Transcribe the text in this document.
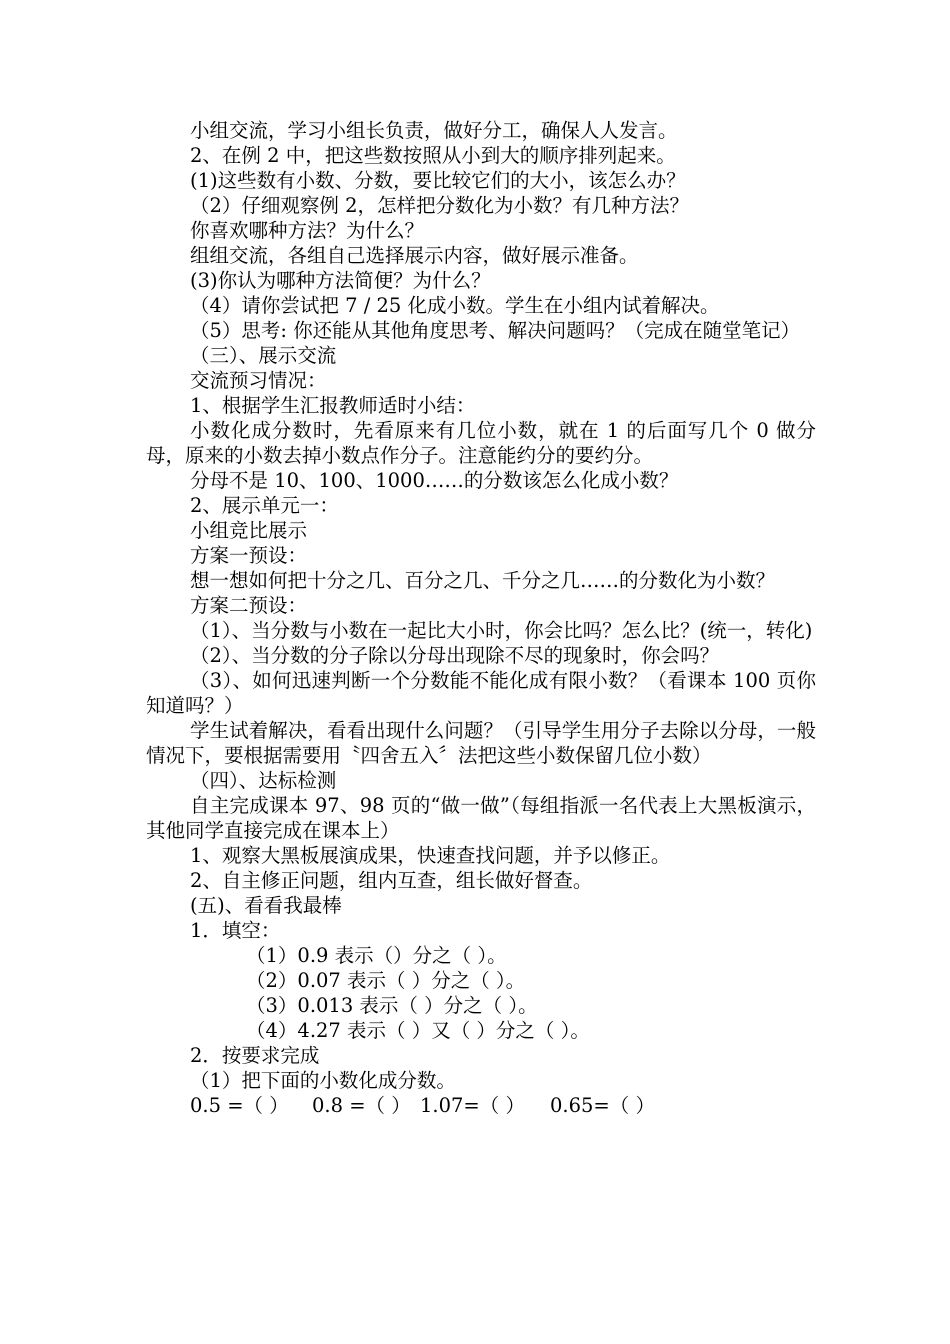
小组交流，学习小组长负责，做好分工，确保人人发言。
2、在例 2 中，把这些数按照从小到大的顺序排列起来。
(1)这些数有小数、分数，要比较它们的大小，该怎么办？
（2）仔细观察例 2，怎样把分数化为小数？有几种方法？
你喜欢哪种方法？为什么？
组组交流，各组自己选择展示内容，做好展示准备。
(3)你认为哪种方法简便？为什么？
（4）请你尝试把 7 / 25 化成小数。学生在小组内试着解决。
（5）思考: 你还能从其他角度思考、解决问题吗？（完成在随堂笔记）
（三）、展示交流
交流预习情况：
1、根据学生汇报教师适时小结：
小数化成分数时，先看原来有几位小数，就在 1 的后面写几个 0 做分母，原来的小数去掉小数点作分子。注意能约分的要约分。
分母不是 10、100、1000……的分数该怎么化成小数？
2、展示单元一：
小组竞比展示
方案一预设：
想一想如何把十分之几、百分之几、千分之几……的分数化为小数？
方案二预设：
（1）、当分数与小数在一起比大小时，你会比吗？怎么比？(统一，转化)
（2）、当分数的分子除以分母出现除不尽的现象时，你会吗？
（3）、如何迅速判断一个分数能不能化成有限小数？（看课本 100 页你知道吗？）
学生试着解决，看看出现什么问题？（引导学生用分子去除以分母，一般情况下，要根据需要用〝四舍五入〞法把这些小数保留几位小数）
（四）、达标检测
自主完成课本 97、98 页的“做一做”（每组指派一名代表上大黑板演示，其他同学直接完成在课本上）
1、观察大黑板展演成果，快速查找问题，并予以修正。
2、自主修正问题，组内互查，组长做好督查。
(五)、看看我最棒
1．填空：
（1）0.9 表示（）分之（ ）。
（2）0.07 表示（ ）分之（ ）。
（3）0.013 表示（ ）分之（ ）。
（4）4.27 表示（ ）又（ ）分之（ ）。
2．按要求完成
（1）把下面的小数化成分数。
0.5 =（ ）	0.8 =（ ） 1.07=（ ）	0.65=（ ）
